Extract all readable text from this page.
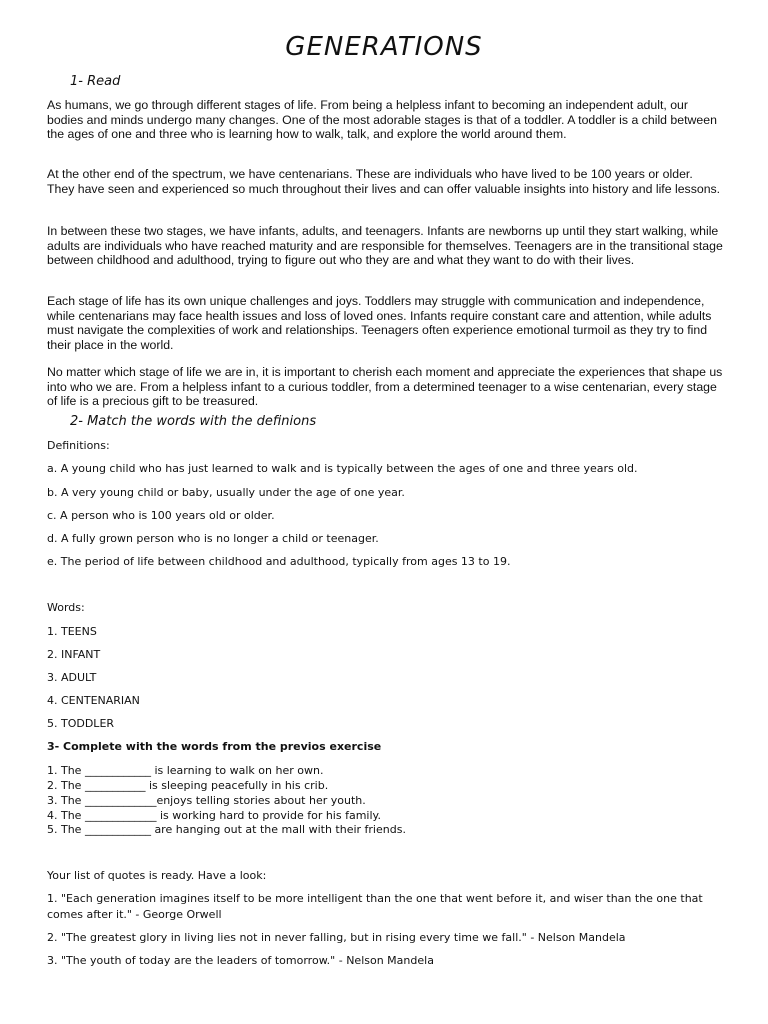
GENERATIONS
1- Read

As humans, we go through different stages of life. From being a helpless infant to becoming an independent adult, our bodies and minds undergo many changes. One of the most adorable stages is that of a toddler. A toddler is a child between the ages of one and three who is learning how to walk, talk, and explore the world around them.

At the other end of the spectrum, we have centenarians. These are individuals who have lived to be 100 years or older. They have seen and experienced so much throughout their lives and can offer valuable insights into history and life lessons.

In between these two stages, we have infants, adults, and teenagers. Infants are newborns up until they start walking, while adults are individuals who have reached maturity and are responsible for themselves. Teenagers are in the transitional stage between childhood and adulthood, trying to figure out who they are and what they want to do with their lives.

Each stage of life has its own unique challenges and joys. Toddlers may struggle with communication and independence, while centenarians may face health issues and loss of loved ones. Infants require constant care and attention, while adults must navigate the complexities of work and relationships. Teenagers often experience emotional turmoil as they try to find their place in the world.

No matter which stage of life we are in, it is important to cherish each moment and appreciate the experiences that shape us into who we are. From a helpless infant to a curious toddler, from a determined teenager to a wise centenarian, every stage of life is a precious gift to be treasured.

2- Match the words with the definions
Definitions:
a. A young child who has just learned to walk and is typically between the ages of one and three years old.
b. A very young child or baby, usually under the age of one year.
c. A person who is 100 years old or older.
d. A fully grown person who is no longer a child or teenager.
e. The period of life between childhood and adulthood, typically from ages 13 to 19.
Words:
1. TEENS
2. INFANT
3. ADULT
4. CENTENARIAN
5. TODDLER
3- Complete with the words from the previos exercise
1. The ____________ is learning to walk on her own.
2. The ___________ is sleeping peacefully in his crib.
3. The _____________enjoys telling stories about her youth.
4. The _____________ is working hard to provide for his family.
5. The ____________ are hanging out at the mall with their friends.
Your list of quotes is ready. Have a look:
1. "Each generation imagines itself to be more intelligent than the one that went before it, and wiser than the one that comes after it." - George Orwell
2. "The greatest glory in living lies not in never falling, but in rising every time we fall." - Nelson Mandela
3. "The youth of today are the leaders of tomorrow." - Nelson Mandela
